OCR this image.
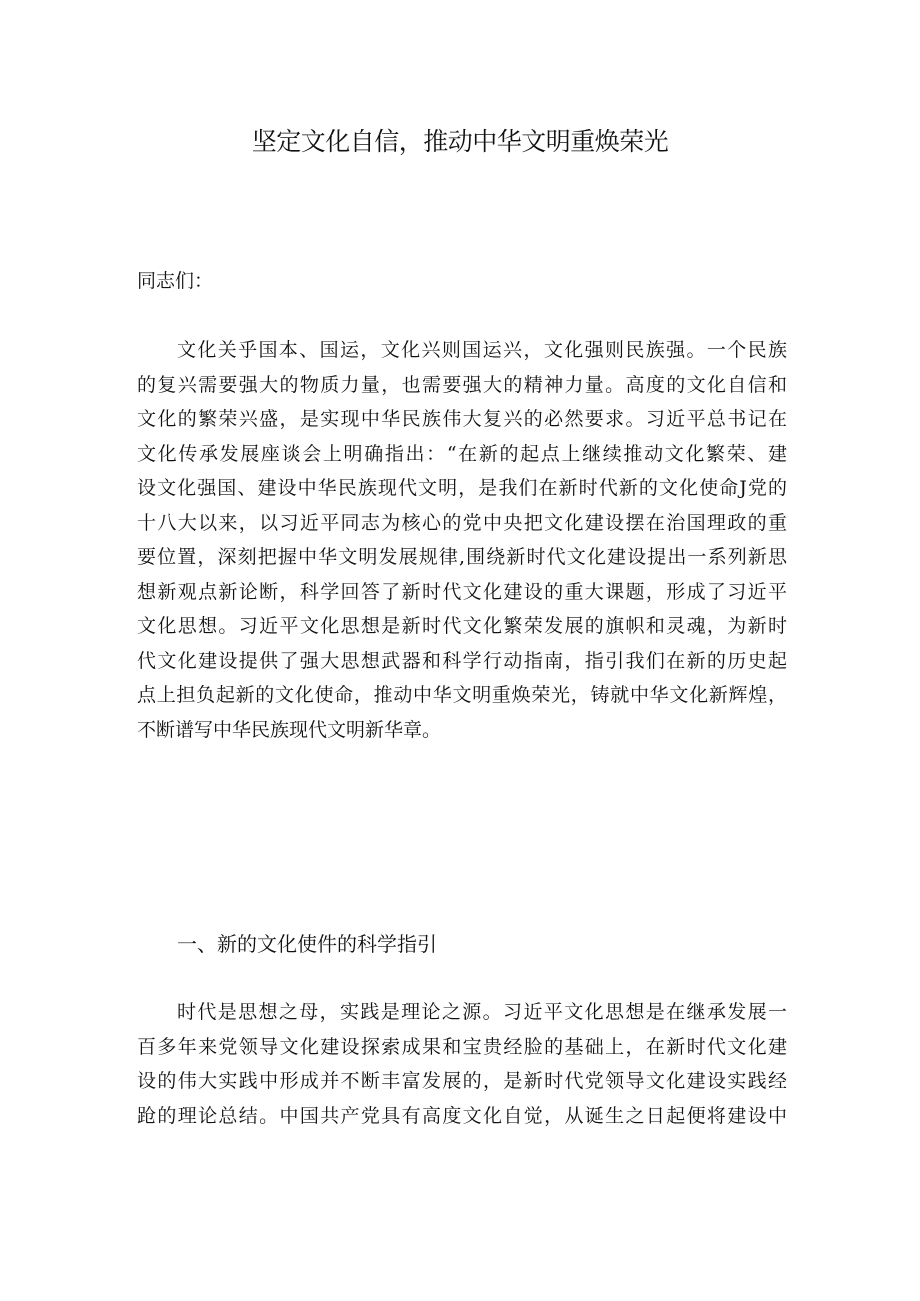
坚定文化自信，推动中华文明重焕荣光
同志们：
文化关乎国本、国运，文化兴则国运兴，文化强则民族强。一个民族
的复兴需要强大的物质力量，也需要强大的精神力量。高度的文化自信和
文化的繁荣兴盛，是实现中华民族伟大复兴的必然要求。习近平总书记在
文化传承发展座谈会上明确指出：“在新的起点上继续推动文化繁荣、建
设文化强国、建设中华民族现代文明，是我们在新时代新的文化使命J党的
十八大以来，以习近平同志为核心的党中央把文化建设摆在治国理政的重
要位置，深刻把握中华文明发展规律,围绕新时代文化建设提出一系列新思
想新观点新论断，科学回答了新时代文化建设的重大课题，形成了习近平
文化思想。习近平文化思想是新时代文化繁荣发展的旗帜和灵魂，为新时
代文化建设提供了强大思想武器和科学行动指南，指引我们在新的历史起
点上担负起新的文化使命，推动中华文明重焕荣光，铸就中华文化新辉煌，
不断谱写中华民族现代文明新华章。
一、新的文化使件的科学指引
时代是思想之母，实践是理论之源。习近平文化思想是在继承发展一
百多年来党领导文化建设探索成果和宝贵经脸的基础上，在新时代文化建
设的伟大实践中形成并不断丰富发展的，是新时代党领导文化建设实践经
跄的理论总结。中国共产党具有高度文化自觉，从诞生之日起便将建设中
